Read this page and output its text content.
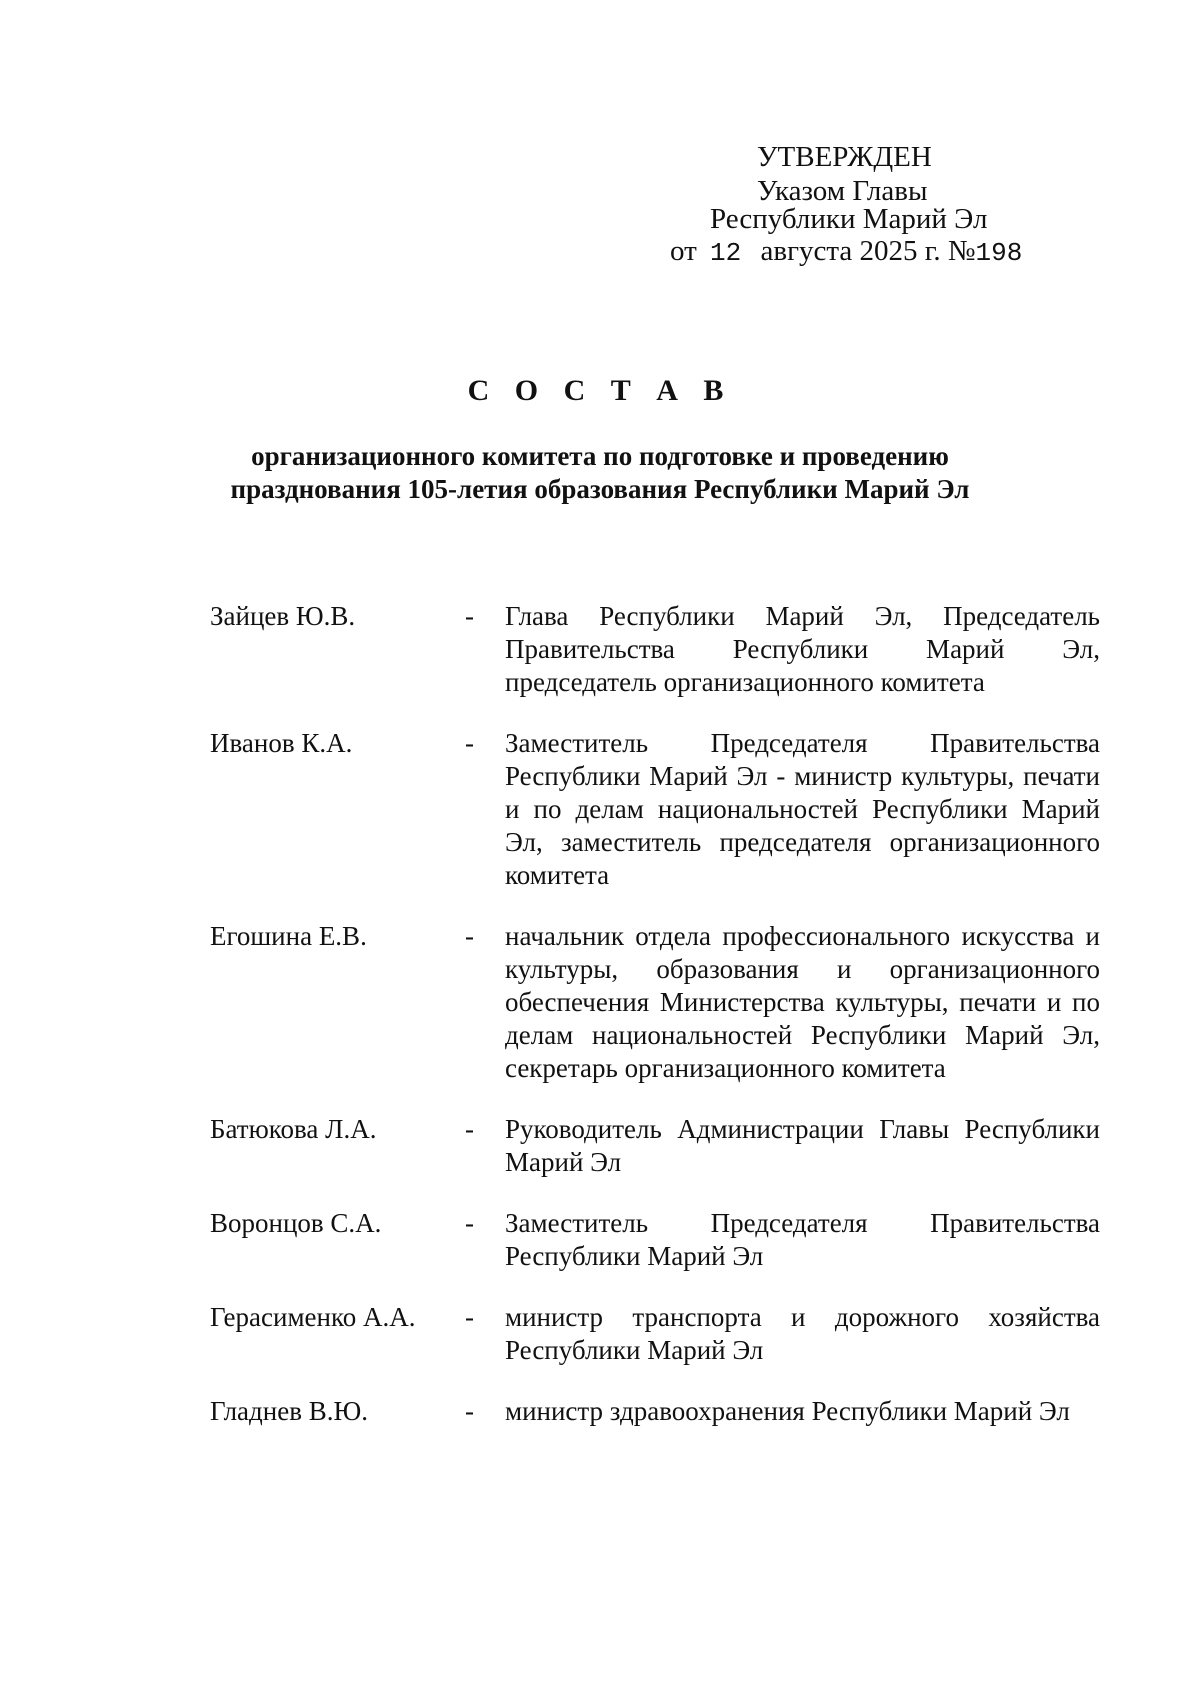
УТВЕРЖДЕН
Указом Главы
Республики Марий Эл
от 12 августа 2025 г. №198
С О С Т А В
организационного комитета по подготовке и проведению празднования 105-летия образования Республики Марий Эл
Зайцев Ю.В.	-	Глава Республики Марий Эл, Председатель Правительства Республики Марий Эл, председатель организационного комитета
Иванов К.А.	-	Заместитель Председателя Правительства Республики Марий Эл - министр культуры, печати и по делам национальностей Республики Марий Эл, заместитель председателя организационного комитета
Егошина Е.В.	-	начальник отдела профессионального искусства и культуры, образования и организационного обеспечения Министерства культуры, печати и по делам национальностей Республики Марий Эл, секретарь организационного комитета
Батюкова Л.А.	-	Руководитель Администрации Главы Республики Марий Эл
Воронцов С.А.	-	Заместитель Председателя Правительства Республики Марий Эл
Герасименко А.А.	-	министр транспорта и дорожного хозяйства Республики Марий Эл
Гладнев В.Ю.	-	министр здравоохранения Республики Марий Эл
